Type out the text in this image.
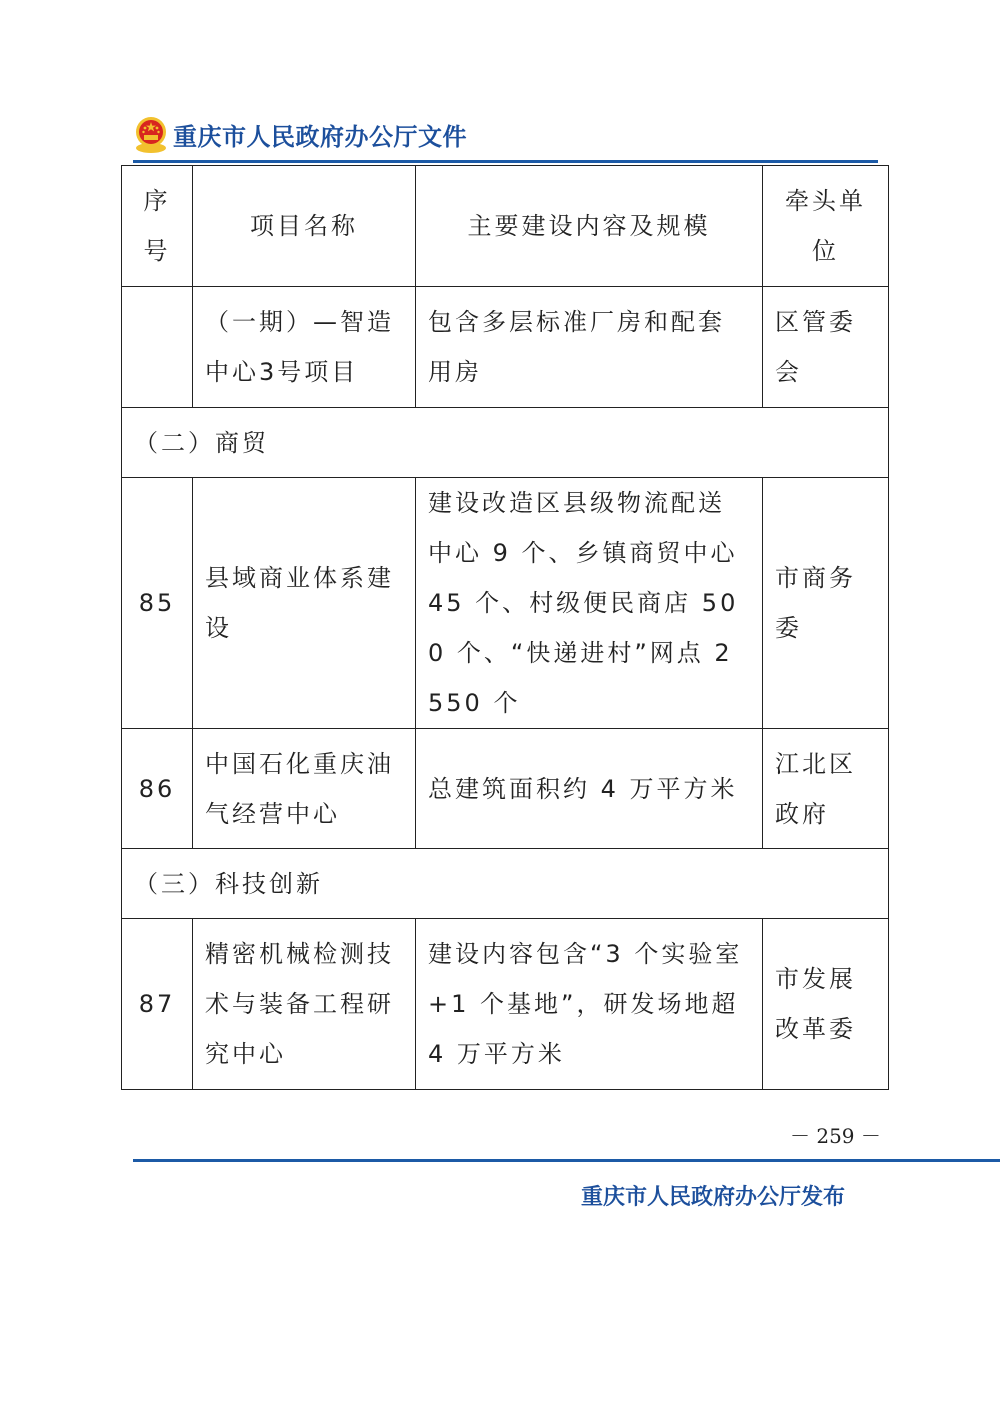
重庆市人民政府办公厅文件
序号	项目名称	主要建设内容及规模	牵头单位
	（一期）—智造中心3号项目	包含多层标准厂房和配套用房	区管委会
（二）商贸			
85	县域商业体系建设	建设改造区县级物流配送中心 9 个、乡镇商贸中心 45 个、村级便民商店 500 个、“快递进村”网点 2550 个	市商务委
86	中国石化重庆油气经营中心	总建筑面积约 4 万平方米	江北区政府
（三）科技创新			
87	精密机械检测技术与装备工程研究中心	建设内容包含“3 个实验室+1 个基地”，研发场地超 4 万平方米	市发展改革委
－ 259 －
重庆市人民政府办公厅发布
